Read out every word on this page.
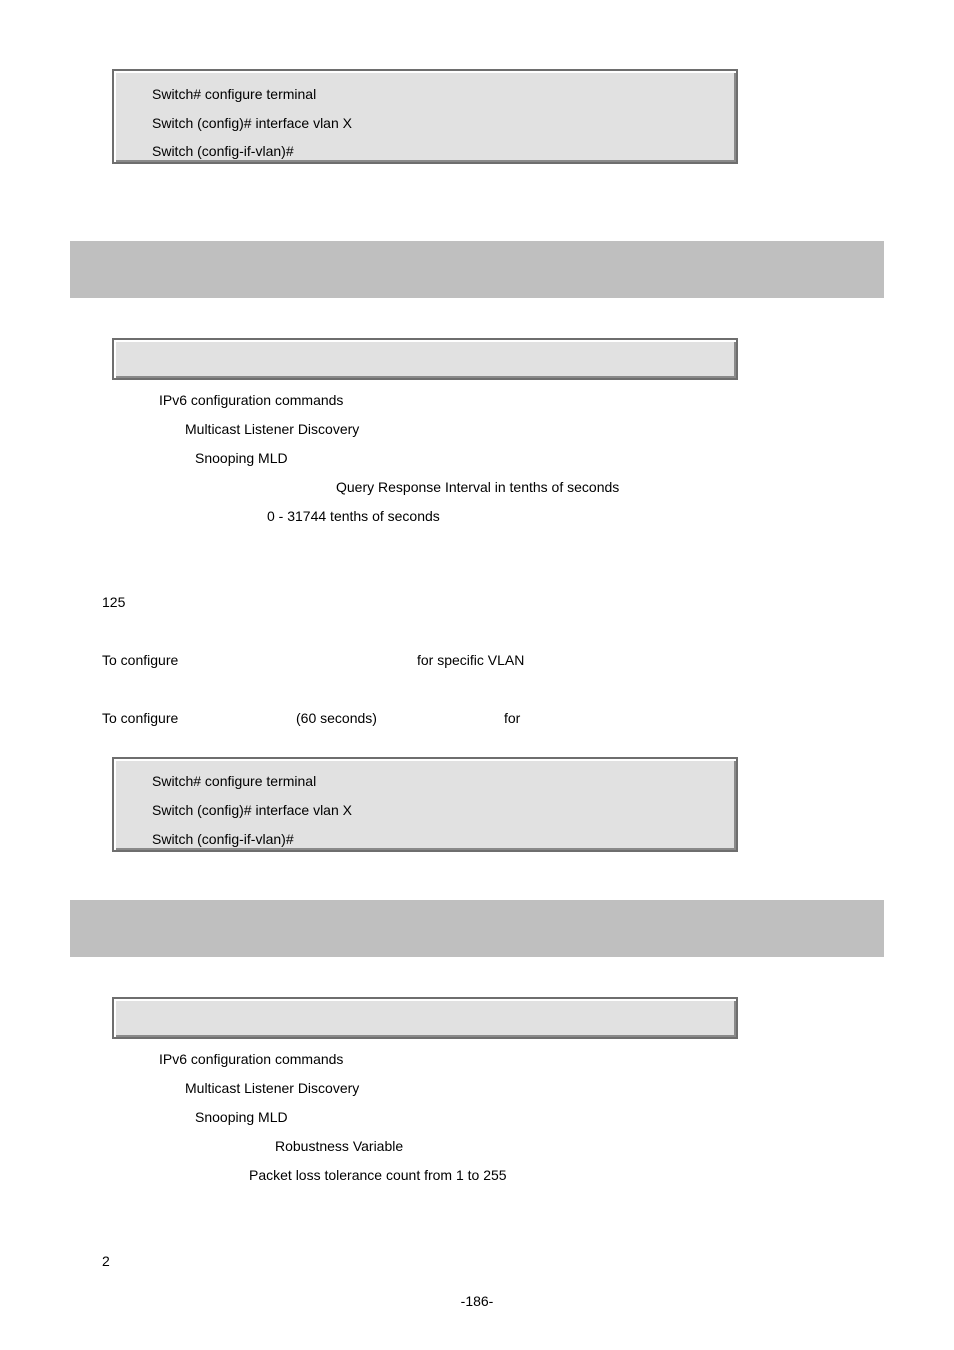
Switch# configure terminal
Switch (config)# interface vlan X
Switch (config-if-vlan)#
IPv6 configuration commands
Multicast Listener Discovery
Snooping MLD
Query Response Interval in tenths of seconds
0 - 31744 tenths of seconds
125
To configure	for specific VLAN
To configure	(60 seconds)	for
Switch# configure terminal
Switch (config)# interface vlan X
Switch (config-if-vlan)#
IPv6 configuration commands
Multicast Listener Discovery
Snooping MLD
Robustness Variable
Packet loss tolerance count from 1 to 255
2
-186-
